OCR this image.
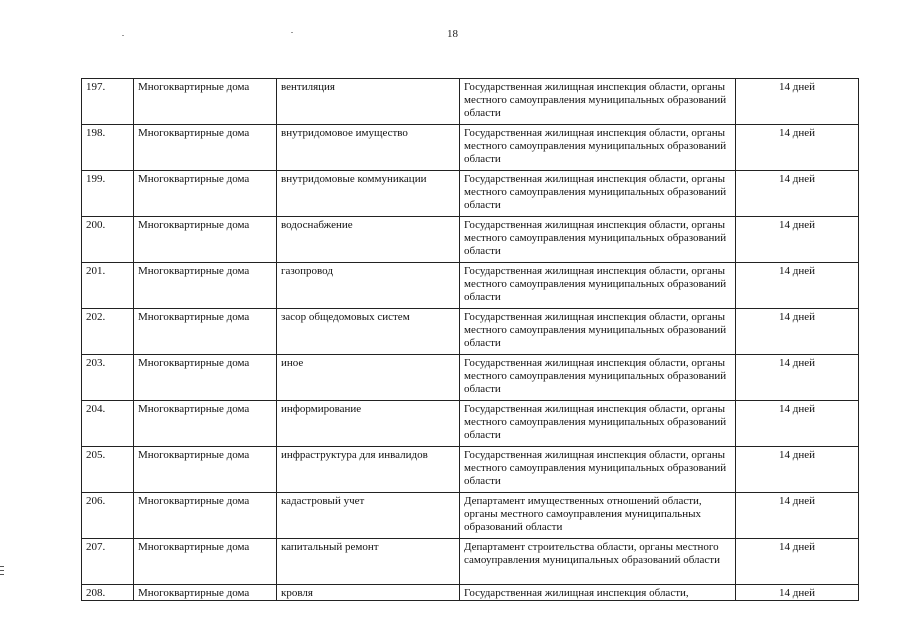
18
197.	Многоквартирные дома	вентиляция	Государственная жилищная инспекция области, органы местного самоуправления муниципальных образований области	14 дней
198.	Многоквартирные дома	внутридомовое имущество	Государственная жилищная инспекция области, органы местного самоуправления муниципальных образований области	14 дней
199.	Многоквартирные дома	внутридомовые коммуникации	Государственная жилищная инспекция области, органы местного самоуправления муниципальных образований области	14 дней
200.	Многоквартирные дома	водоснабжение	Государственная жилищная инспекция области, органы местного самоуправления муниципальных образований области	14 дней
201.	Многоквартирные дома	газопровод	Государственная жилищная инспекция области, органы местного самоуправления муниципальных образований области	14 дней
202.	Многоквартирные дома	засор общедомовых систем	Государственная жилищная инспекция области, органы местного самоуправления муниципальных образований области	14 дней
203.	Многоквартирные дома	иное	Государственная жилищная инспекция области, органы местного самоуправления муниципальных образований области	14 дней
204.	Многоквартирные дома	информирование	Государственная жилищная инспекция области, органы местного самоуправления муниципальных образований области	14 дней
205.	Многоквартирные дома	инфраструктура для инвалидов	Государственная жилищная инспекция области, органы местного самоуправления муниципальных образований области	14 дней
206.	Многоквартирные дома	кадастровый учет	Департамент имущественных отношений области, органы местного самоуправления муниципальных образований области	14 дней
207.	Многоквартирные дома	капитальный ремонт	Департамент строительства области, органы местного самоуправления муниципальных образований области	14 дней
208.	Многоквартирные дома	кровля	Государственная жилищная инспекция области,	14 дней
